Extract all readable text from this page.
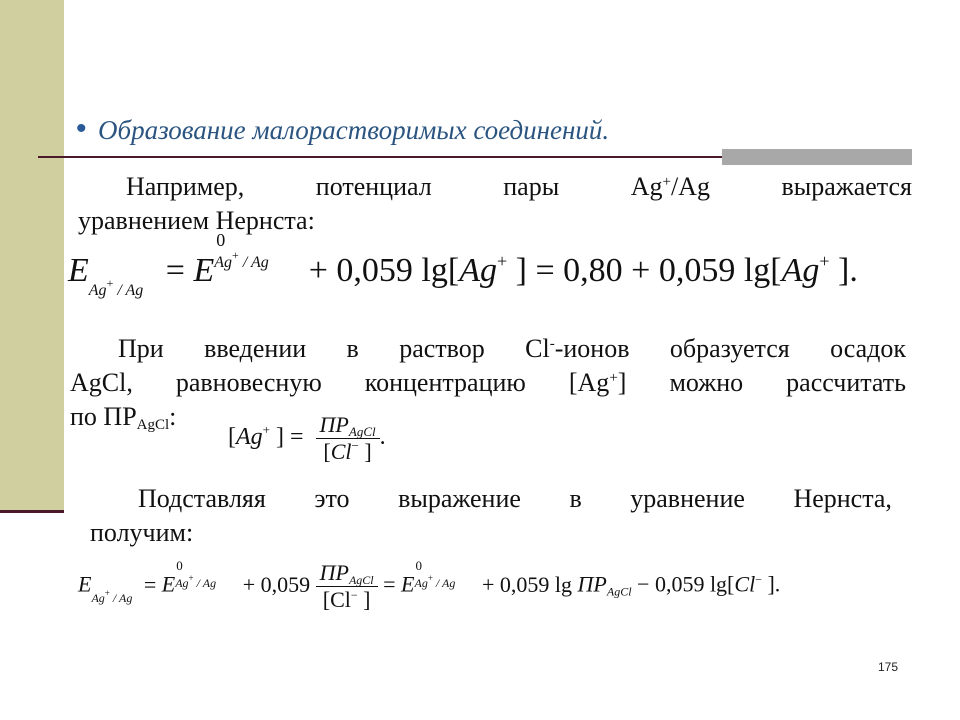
• Образование малорастворимых соединений.
Например,	потенциал	пары	Ag+/Ag	выражается
уравнением Нернста:
$E_{Ag^+ / Ag} = E$
0
Ag+ / Ag + 0,059 lg[Ag+ ] = 0,80 + 0,059 lg[Ag+ ].
При введении в раствор Cl--ионов образуется осадок
AgCl, равновесную концентрацию [Ag+] можно рассчитать
по $ПР_{AgCl}$:
[Ag+ ] = $\frac{ПР_{AgCl}}{[Cl^- ]}$ .
Подставляя это выражение в уравнение Нернста,
получим:
$E_{Ag^+ / Ag} = E$
0
$Ag^+ / Ag + 0,059 \frac{ПР_{AgCl}}{[Cl^- ]} = E$
0
Ag+ / Ag + 0,059 $\lg ПР_{AgCl} - 0,059$ lg[Cl− ].
175
